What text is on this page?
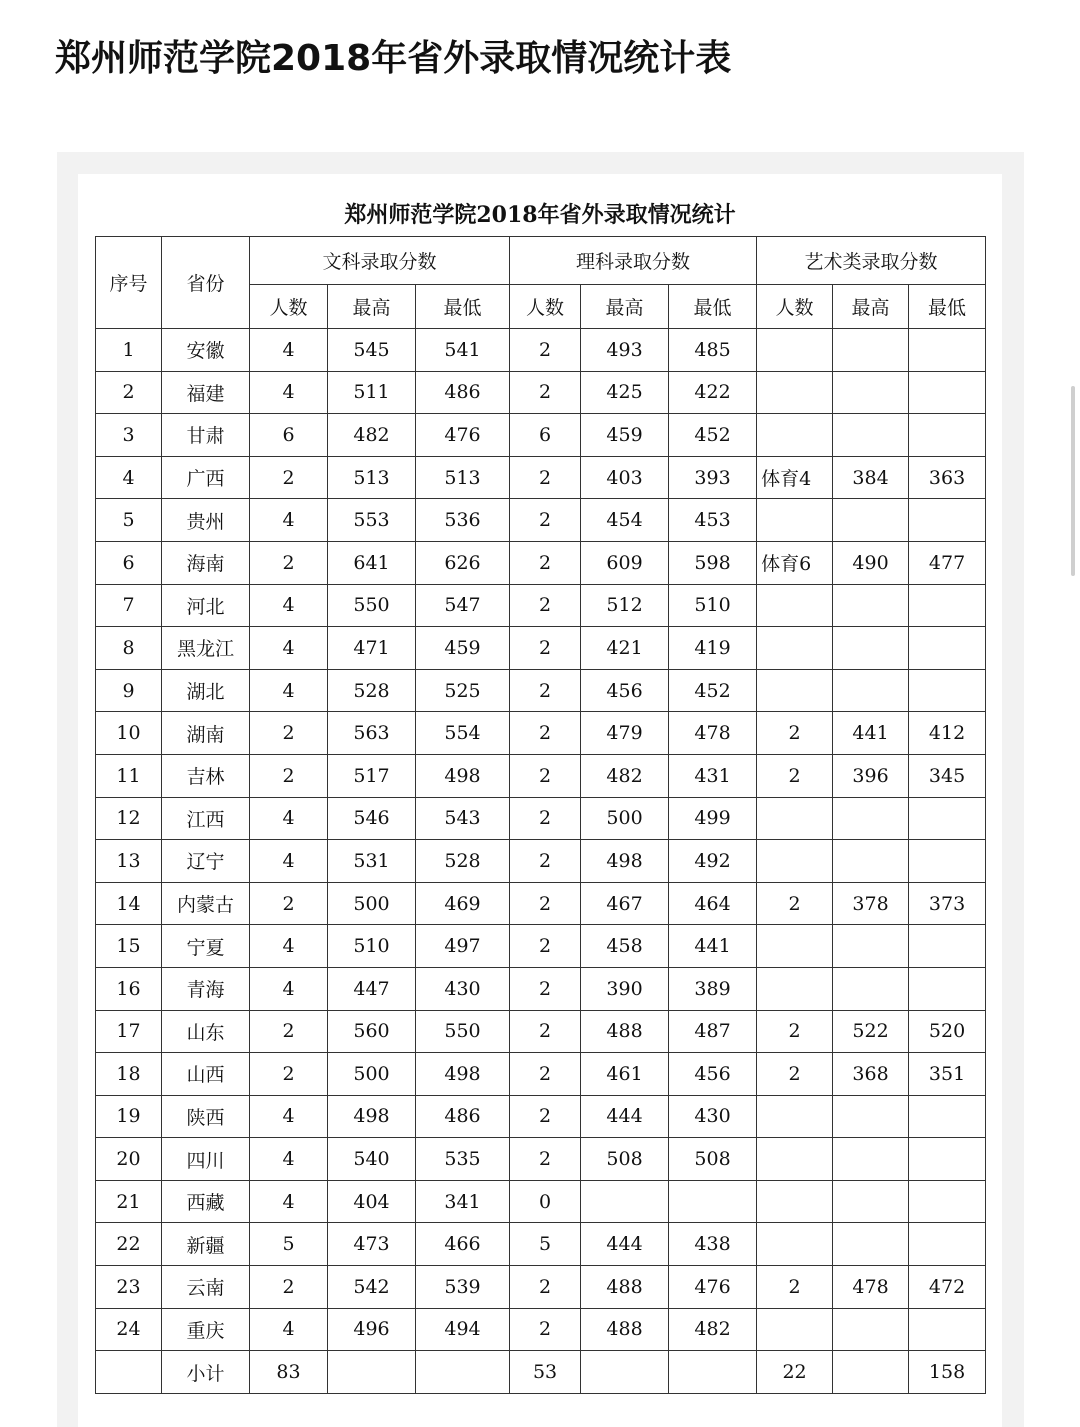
郑州师范学院2018年省外录取情况统计表
郑州师范学院2018年省外录取情况统计
序号	省份	文科录取分数			理科录取分数			艺术类录取分数		
		人数	最高	最低	人数	最高	最低	人数	最高	最低
1	安徽	4	545	541	2	493	485			
2	福建	4	511	486	2	425	422			
3	甘肃	6	482	476	6	459	452			
4	广西	2	513	513	2	403	393	体育4	384	363
5	贵州	4	553	536	2	454	453			
6	海南	2	641	626	2	609	598	体育6	490	477
7	河北	4	550	547	2	512	510			
8	黑龙江	4	471	459	2	421	419			
9	湖北	4	528	525	2	456	452			
10	湖南	2	563	554	2	479	478	2	441	412
11	吉林	2	517	498	2	482	431	2	396	345
12	江西	4	546	543	2	500	499			
13	辽宁	4	531	528	2	498	492			
14	内蒙古	2	500	469	2	467	464	2	378	373
15	宁夏	4	510	497	2	458	441			
16	青海	4	447	430	2	390	389			
17	山东	2	560	550	2	488	487	2	522	520
18	山西	2	500	498	2	461	456	2	368	351
19	陕西	4	498	486	2	444	430			
20	四川	4	540	535	2	508	508			
21	西藏	4	404	341	0					
22	新疆	5	473	466	5	444	438			
23	云南	2	542	539	2	488	476	2	478	472
24	重庆	4	496	494	2	488	482			
	小计	83			53			22		158
